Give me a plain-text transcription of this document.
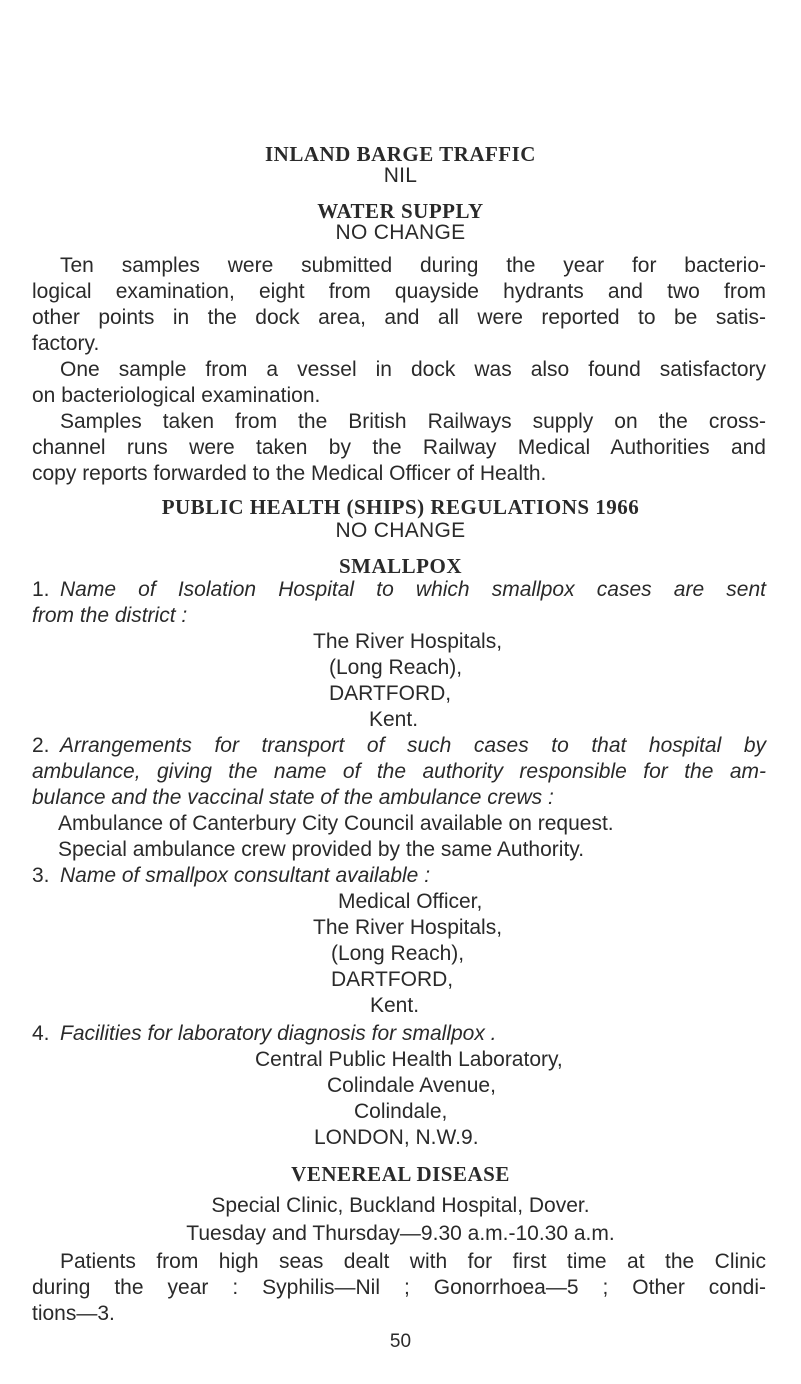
INLAND BARGE TRAFFIC
NIL
WATER SUPPLY
NO CHANGE
Ten samples were submitted during the year for bacterio-
logical examination, eight from quayside hydrants and two from
other points in the dock area, and all were reported to be satis-
factory.
One sample from a vessel in dock was also found satisfactory
on bacteriological examination.
Samples taken from the British Railways supply on the cross-
channel runs were taken by the Railway Medical Authorities and
copy reports forwarded to the Medical Officer of Health.
PUBLIC HEALTH (SHIPS) REGULATIONS 1966
NO CHANGE
SMALLPOX
1. Name of Isolation Hospital to which smallpox cases are sent
from the district :
The River Hospitals,
(Long Reach),
DARTFORD,
Kent.
2. Arrangements for transport of such cases to that hospital by
ambulance, giving the name of the authority responsible for the am-
bulance and the vaccinal state of the ambulance crews :
Ambulance of Canterbury City Council available on request.
Special ambulance crew provided by the same Authority.
3. Name of smallpox consultant available :
Medical Officer,
The River Hospitals,
(Long Reach),
DARTFORD,
Kent.
4. Facilities for laboratory diagnosis for smallpox .
Central Public Health Laboratory,
Colindale Avenue,
Colindale,
LONDON, N.W.9.
VENEREAL DISEASE
Special Clinic, Buckland Hospital, Dover.
Tuesday and Thursday—9.30 a.m.-10.30 a.m.
Patients from high seas dealt with for first time at the Clinic
during the year : Syphilis—Nil ; Gonorrhoea—5 ; Other condi-
tions—3.
50
